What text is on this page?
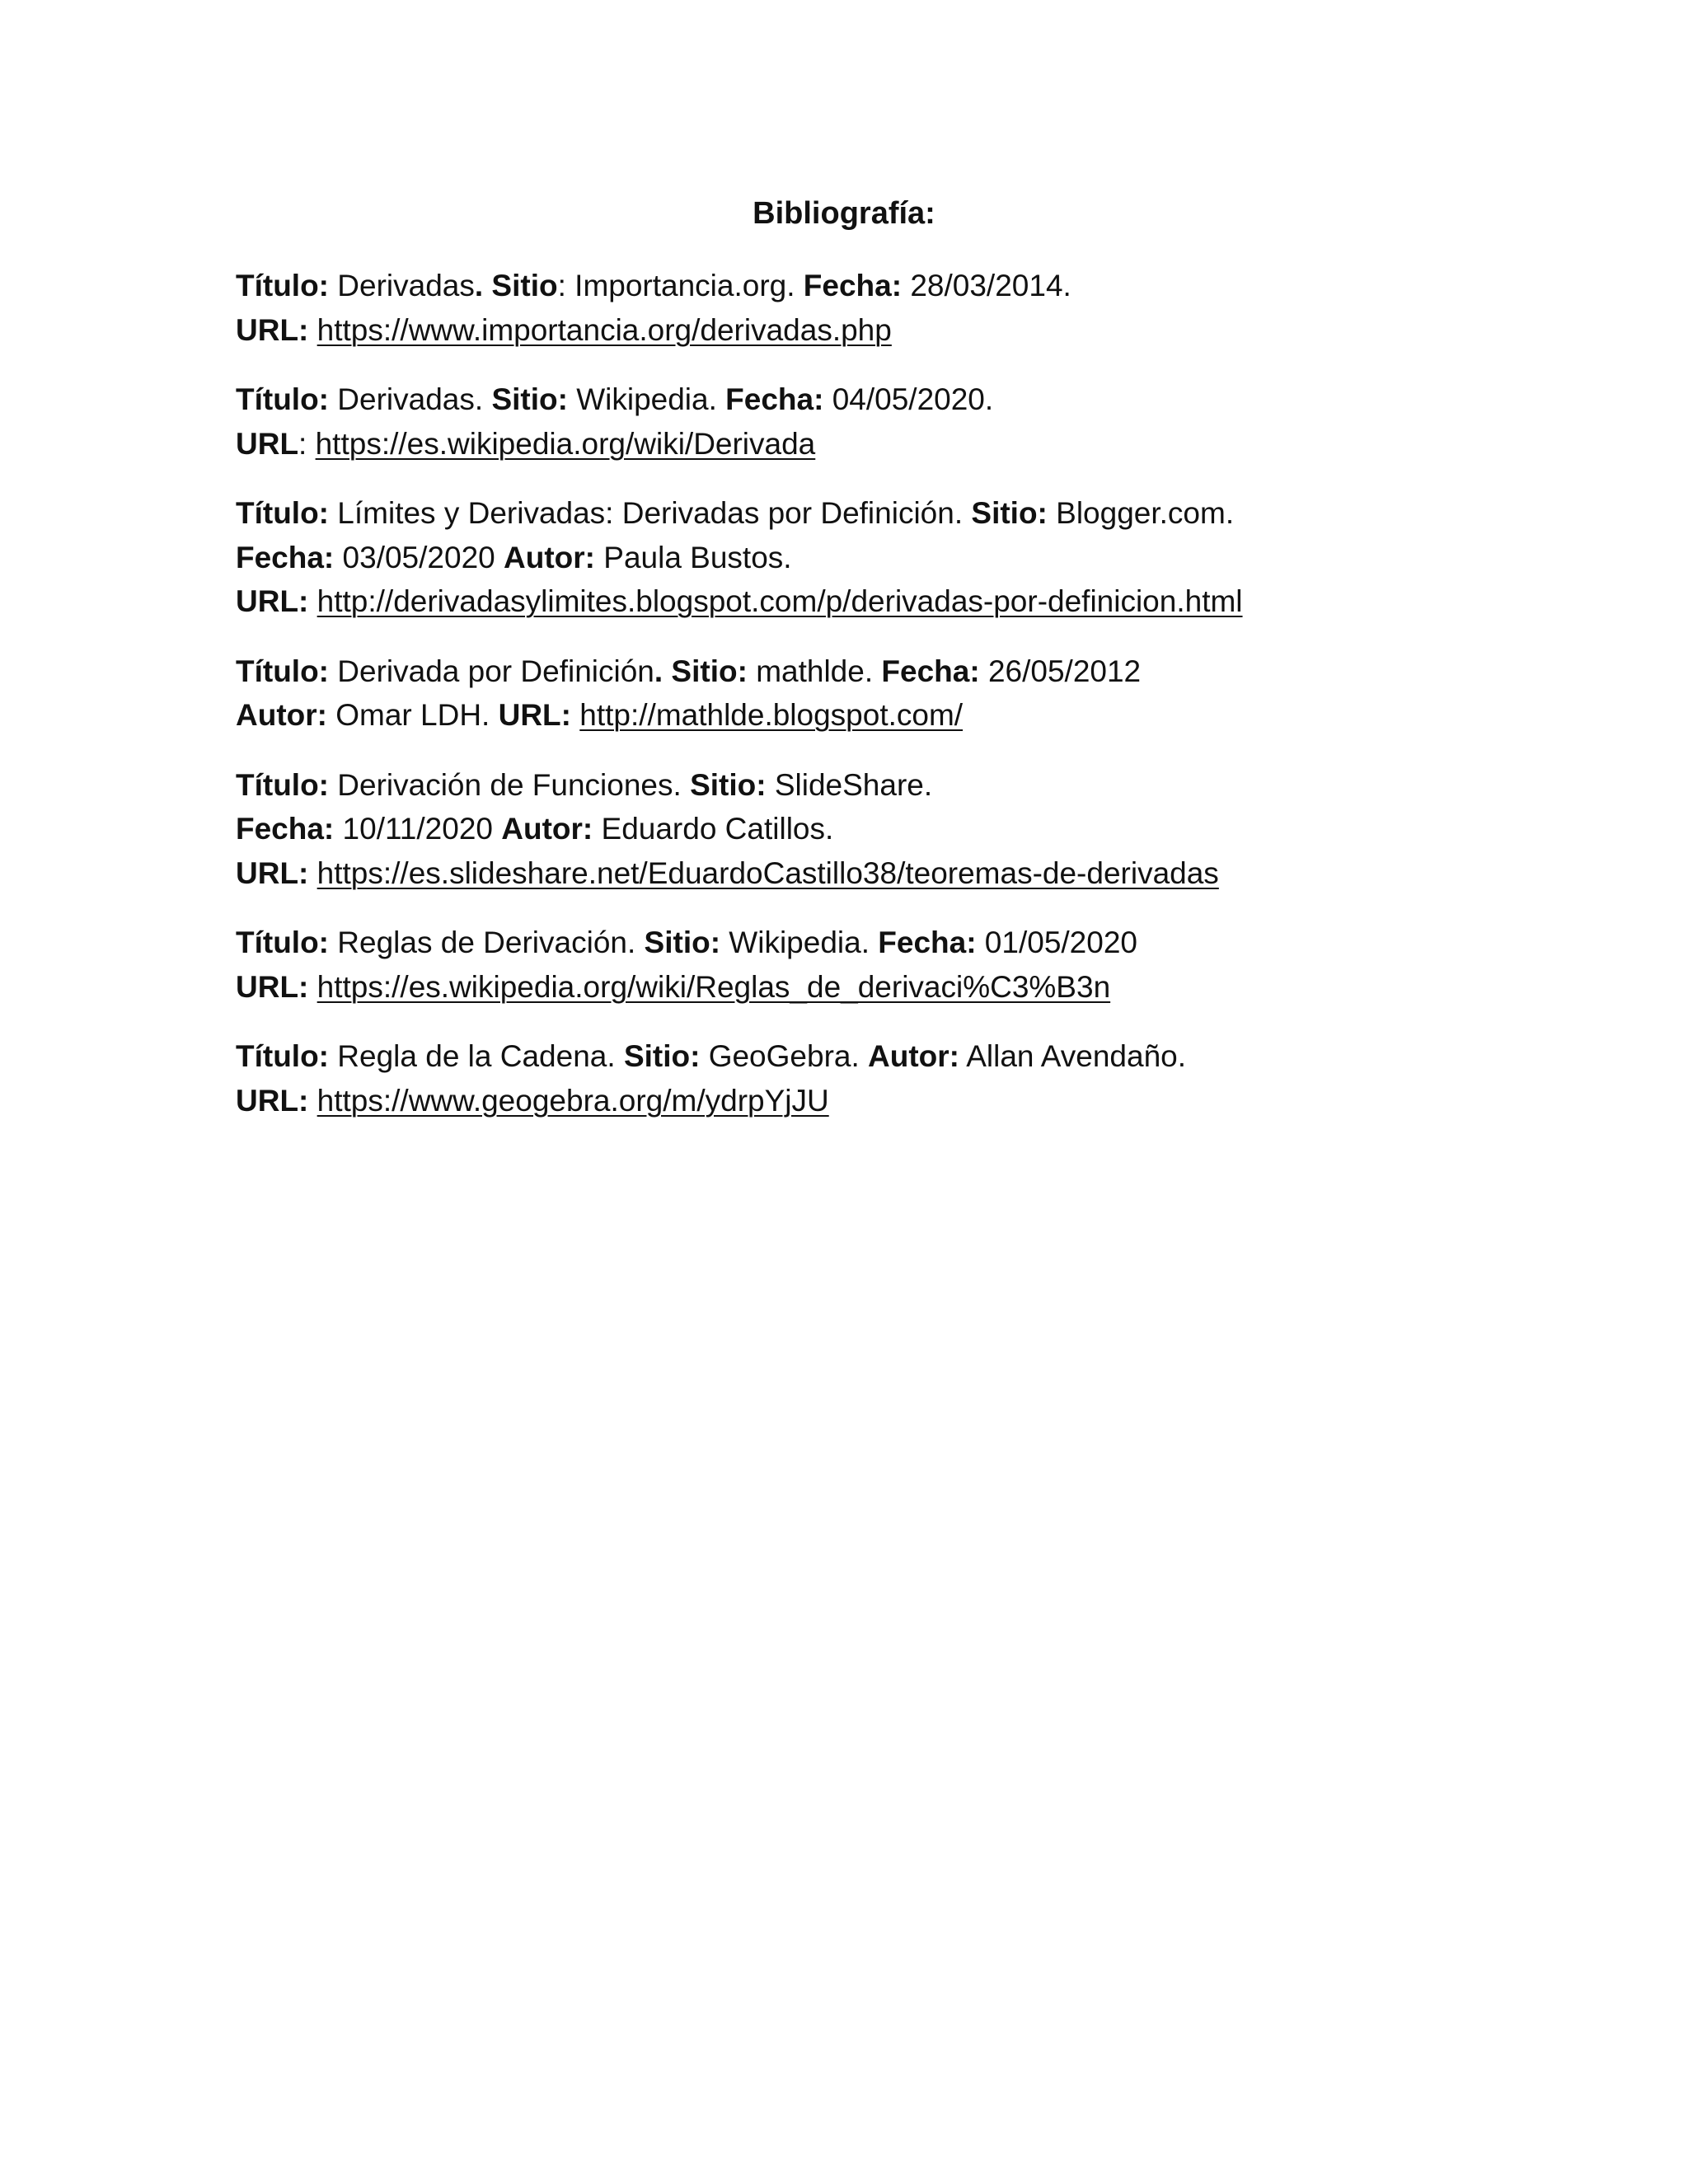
Bibliografía:
Título: Derivadas. Sitio: Importancia.org. Fecha: 28/03/2014.
URL: https://www.importancia.org/derivadas.php
Título: Derivadas. Sitio: Wikipedia. Fecha: 04/05/2020.
URL: https://es.wikipedia.org/wiki/Derivada
Título: Límites y Derivadas: Derivadas por Definición. Sitio: Blogger.com.
Fecha: 03/05/2020 Autor: Paula Bustos.
URL: http://derivadasylimites.blogspot.com/p/derivadas-por-definicion.html
Título: Derivada por Definición. Sitio: mathlde. Fecha: 26/05/2012
Autor: Omar LDH. URL: http://mathlde.blogspot.com/
Título: Derivación de Funciones. Sitio: SlideShare.
Fecha: 10/11/2020 Autor: Eduardo Catillos.
URL: https://es.slideshare.net/EduardoCastillo38/teoremas-de-derivadas
Título: Reglas de Derivación. Sitio: Wikipedia. Fecha: 01/05/2020
URL: https://es.wikipedia.org/wiki/Reglas_de_derivaci%C3%B3n
Título: Regla de la Cadena. Sitio: GeoGebra. Autor: Allan Avendaño.
URL: https://www.geogebra.org/m/ydrpYjJU
